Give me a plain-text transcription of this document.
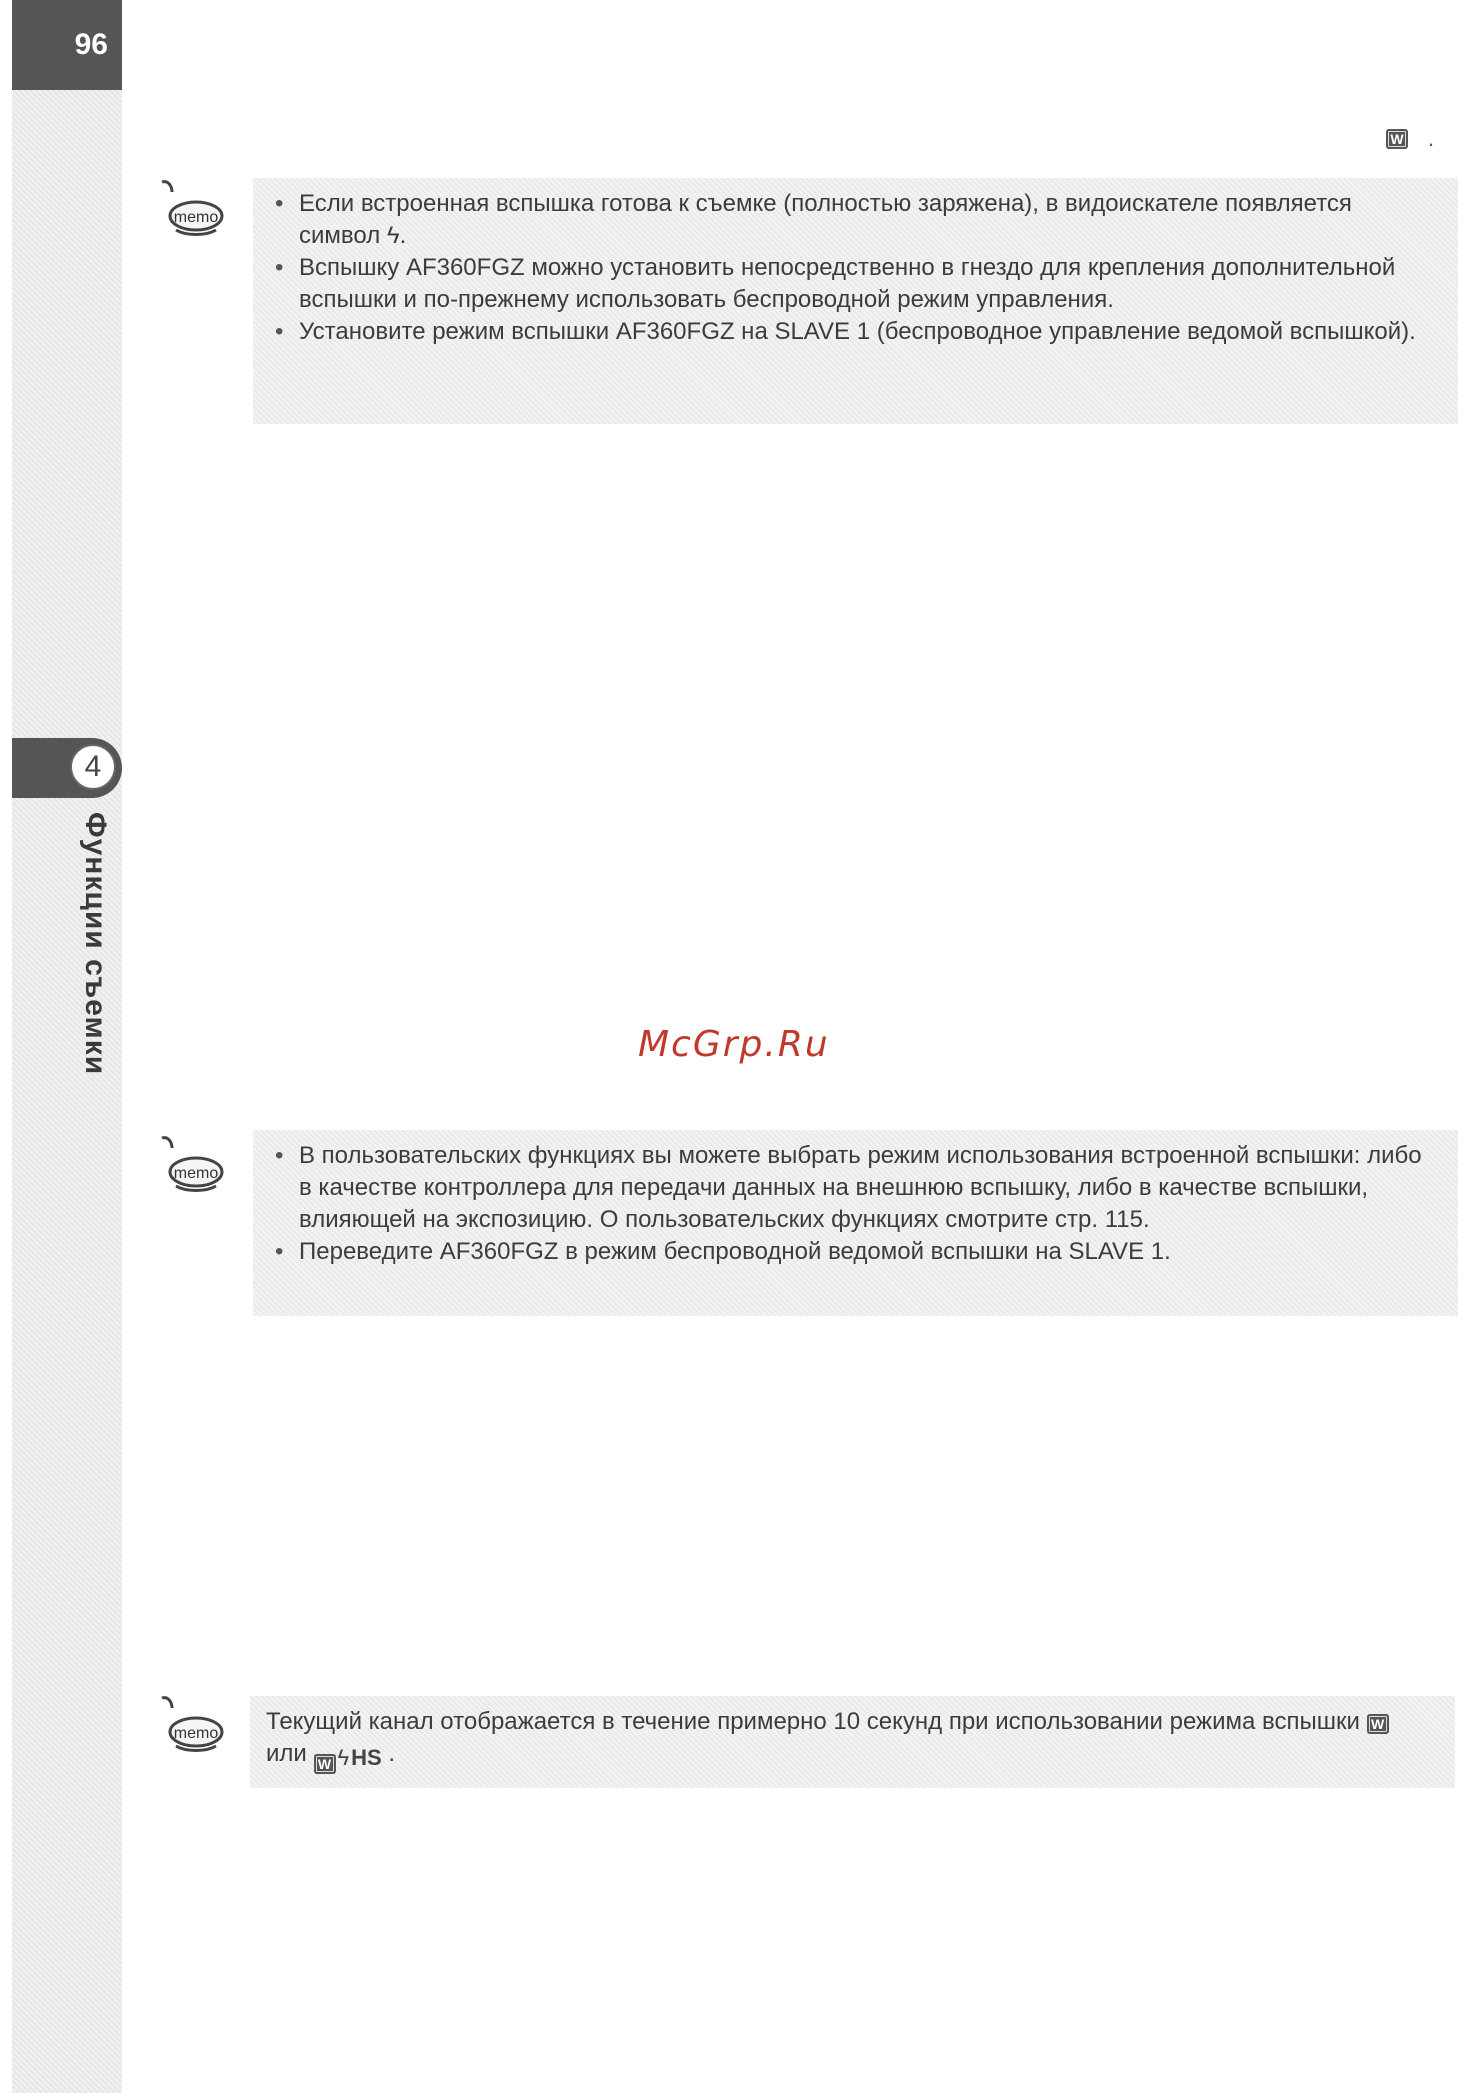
96
4
Функции съемки
W .
memo
• Если встроенная вспышка готова к съемке (полностью заряжена), в видоискателе появляется символ ϟ.
• Вспышку AF360FGZ можно установить непосредственно в гнездо для крепления дополнительной вспышки и по-прежнему использовать беспроводной режим управления.
• Установите режим вспышки AF360FGZ на SLAVE 1 (беспроводное управление ведомой вспышкой).
McGrp.Ru
memo
• В пользовательских функциях вы можете выбрать режим использования встроенной вспышки: либо в качестве контроллера для передачи данных на внешнюю вспышку, либо в качестве вспышки, влияющей на экспозицию. О пользовательских функциях смотрите стр. 115.
• Переведите AF360FGZ в режим беспроводной ведомой вспышки на SLAVE 1.
memo Текущий канал отображается в течение примерно 10 секунд при использовании режима вспышки W или W ϟ HS .
